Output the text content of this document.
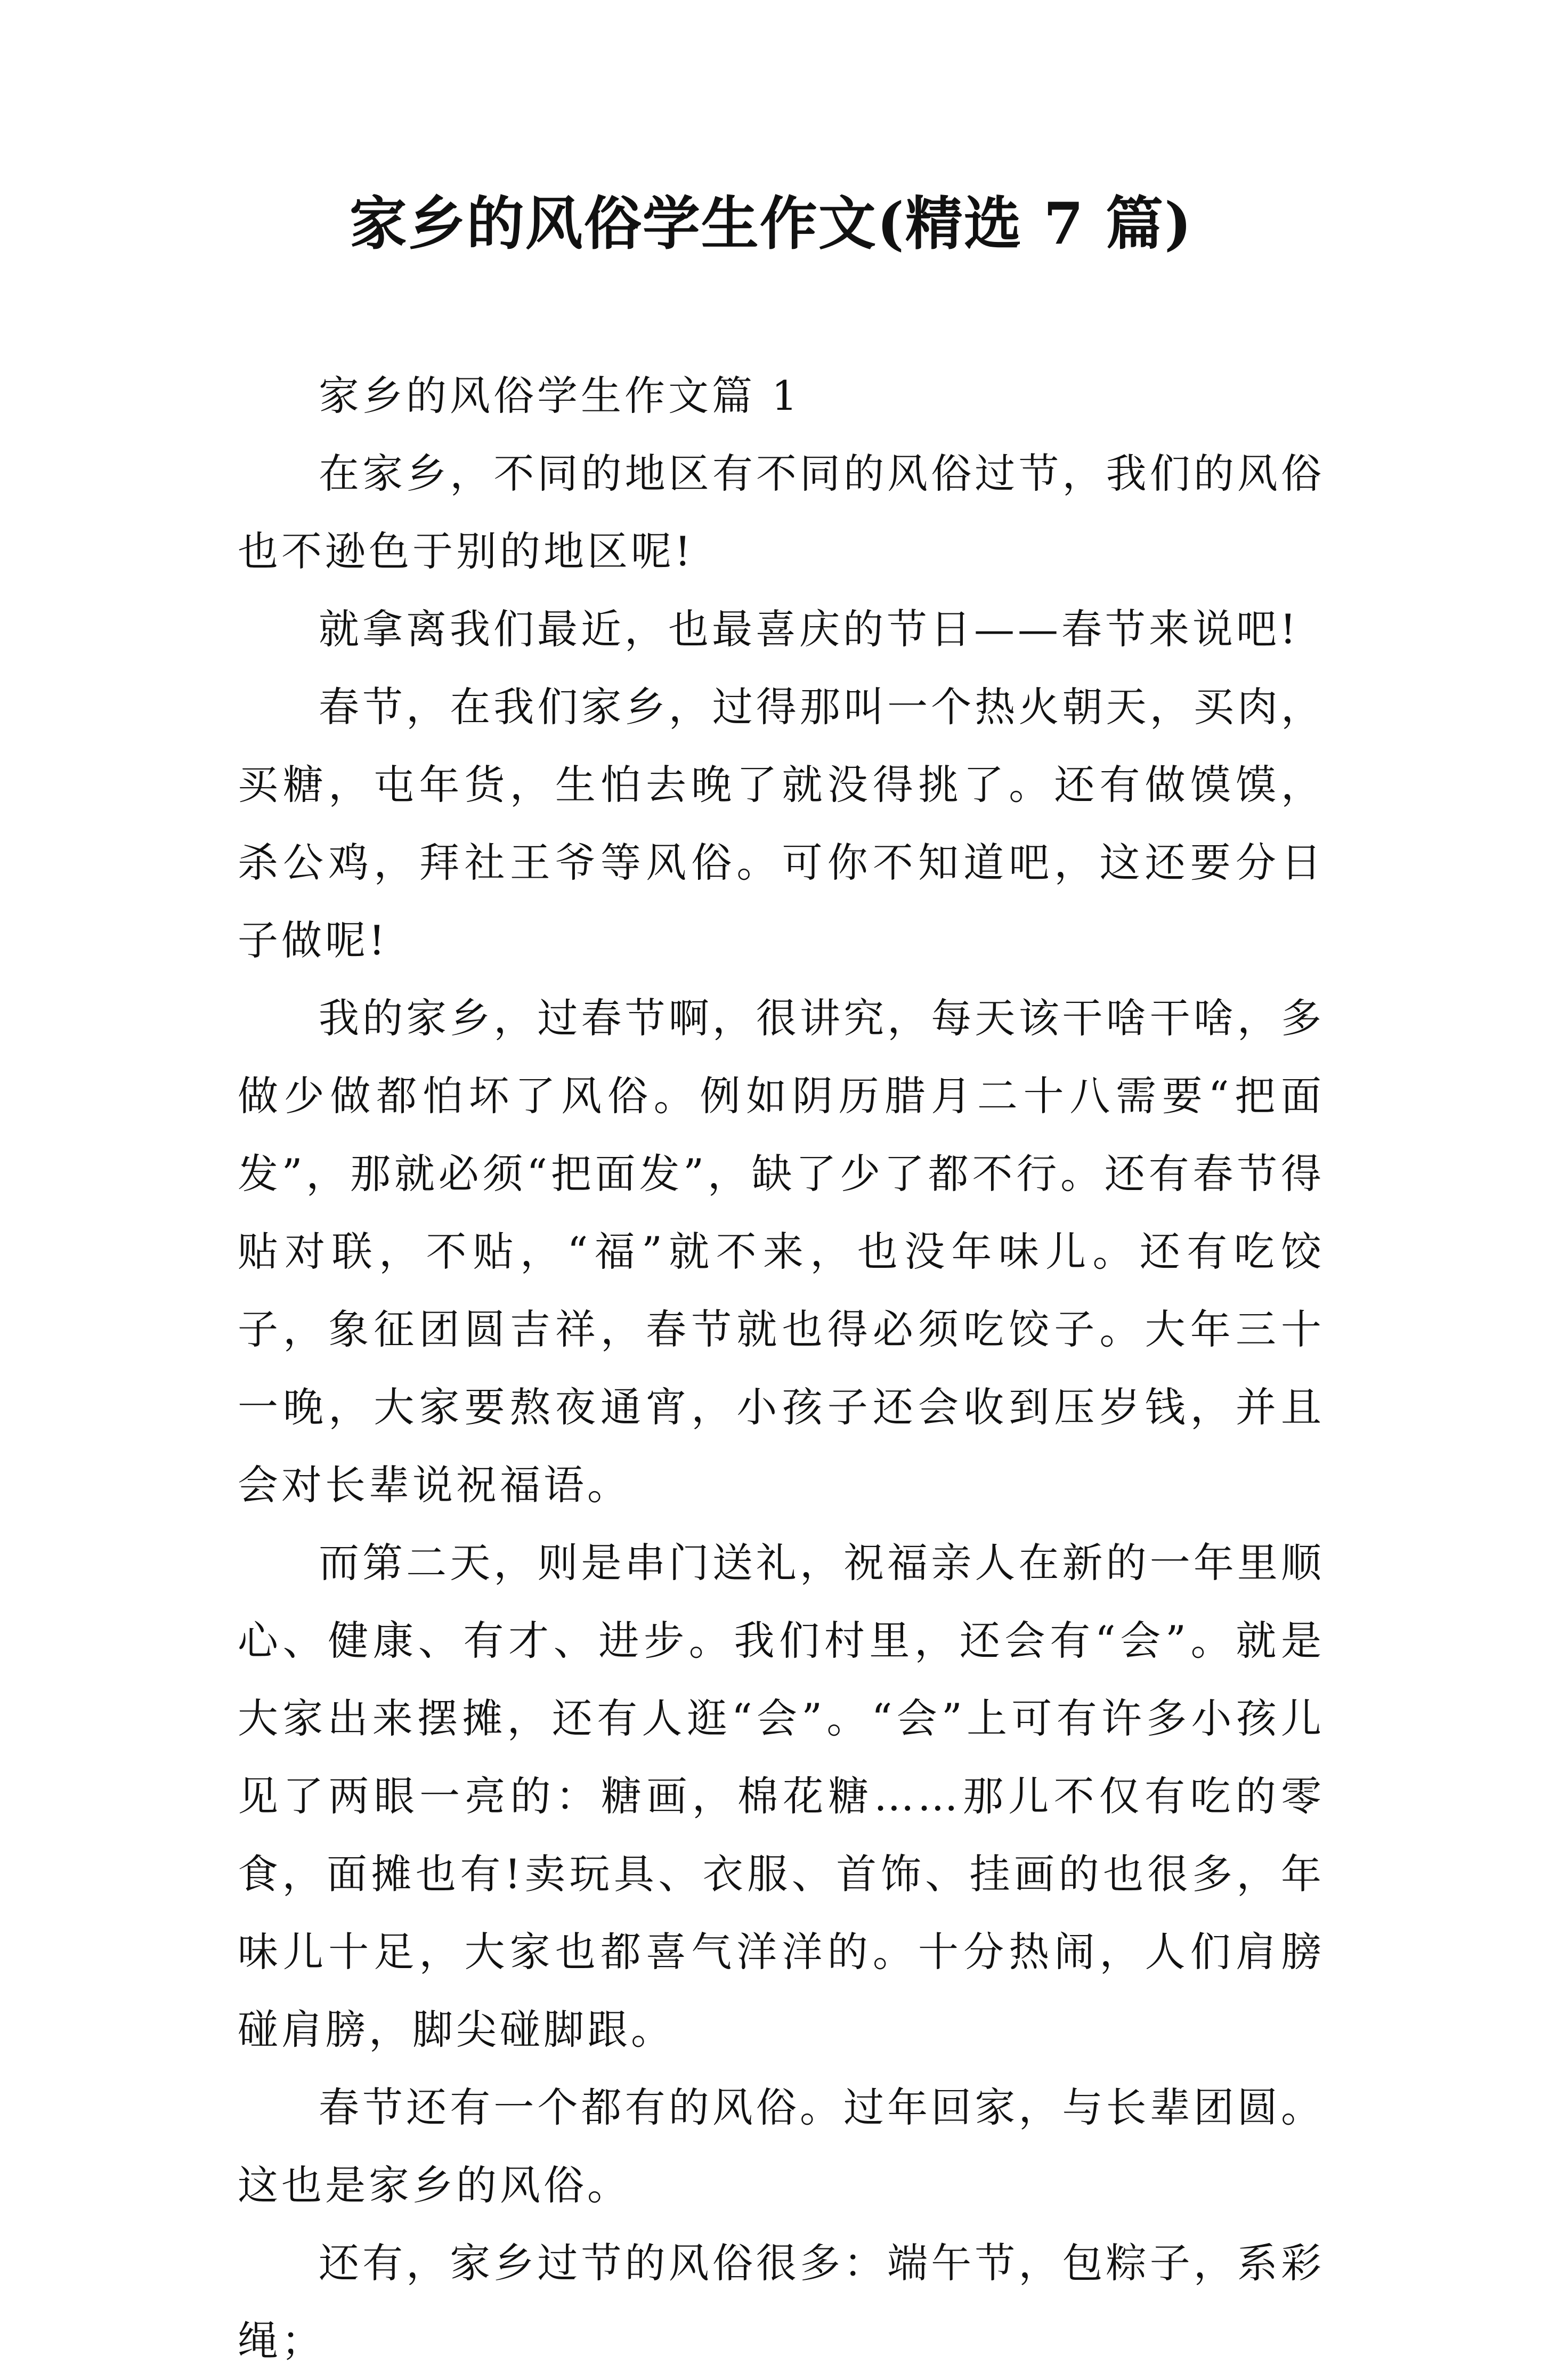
家乡的风俗学生作文(精选 7 篇)

家乡的风俗学生作文篇 1

在家乡，不同的地区有不同的风俗过节，我们的风俗也不逊色于别的地区呢!

就拿离我们最近，也最喜庆的节日——春节来说吧!

春节，在我们家乡，过得那叫一个热火朝天，买肉，买糖，屯年货，生怕去晚了就没得挑了。还有做馍馍，杀公鸡，拜社王爷等风俗。可你不知道吧，这还要分日子做呢!

我的家乡，过春节啊，很讲究，每天该干啥干啥，多做少做都怕坏了风俗。例如阴历腊月二十八需要“把面发”，那就必须“把面发”，缺了少了都不行。还有春节得贴对联，不贴，“福”就不来，也没年味儿。还有吃饺子，象征团圆吉祥，春节就也得必须吃饺子。大年三十一晚，大家要熬夜通宵，小孩子还会收到压岁钱，并且会对长辈说祝福语。

而第二天，则是串门送礼，祝福亲人在新的一年里顺心、健康、有才、进步。我们村里，还会有“会”。就是大家出来摆摊，还有人逛“会”。“会”上可有许多小孩儿见了两眼一亮的：糖画，棉花糖……那儿不仅有吃的零食，面摊也有!卖玩具、衣服、首饰、挂画的也很多，年味儿十足，大家也都喜气洋洋的。十分热闹，人们肩膀碰肩膀，脚尖碰脚跟。

春节还有一个都有的风俗。过年回家，与长辈团圆。这也是家乡的风俗。

还有，家乡过节的风俗很多：端午节，包粽子，系彩绳；
